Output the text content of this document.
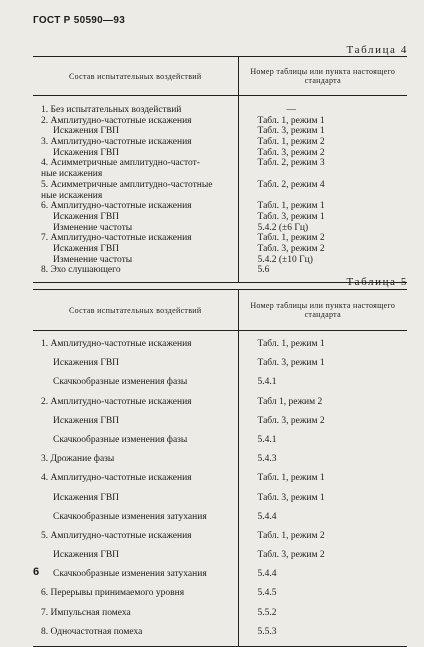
ГОСТ Р 50590—93
Таблица 4
Состав испытательных воздействий	Номер таблицы или пункта настоящего стандарта

1. Без испытательных воздействий	—
2. Амплитудно-частотные искажения	Табл. 1, режим 1
Искажения ГВП	Табл. 3, режим 1
3. Амплитудно-частотные искажения	Табл. 1, режим 2
Искажения ГВП	Табл. 3, режим 2
4. Асимметричные амплитудно-частот-	Табл. 2, режим 3
ные искажения	
5. Асимметричные амплитудно-частотные	Табл. 2, режим 4
ные искажения	
6. Амплитудно-частотные искажения	Табл. 1, режим 1
Искажения ГВП	Табл. 3, режим 1
Изменение частоты	5.4.2 (±6 Гц)
7. Амплитудно-частотные искажения	Табл. 1, режим 2
Искажения ГВП	Табл. 3, режим 2
Изменение частоты	5.4.2 (±10 Гц)
8. Эхо слушающего	5.6
Таблица 5
Состав испытательных воздействий	Номер таблицы или пункта настоящего стандарта

1. Амплитудно-частотные искажения	Табл. 1, режим 1
Искажения ГВП	Табл. 3, режим 1
Скачкообразные изменения фазы	5.4.1
2. Амплитудно-частотные искажения	Табл 1, режим 2
Искажения ГВП	Табл. 3, режим 2
Скачкообразные изменения фазы	5.4.1
3. Дрожание фазы	5.4.3
4. Амплитудно-частотные искажения	Табл. 1, режим 1
Искажения ГВП	Табл. 3, режим 1
Скачкообразные изменения затухания	5.4.4
5. Амплитудно-частотные искажения	Табл. 1, режим 2
Искажения ГВП	Табл. 3, режим 2
Скачкообразные изменения затухания	5.4.4
6. Перерывы принимаемого уровня	5.4.5
7. Импульсная помеха	5.5.2
8. Одночастотная помеха	5.5.3
6
